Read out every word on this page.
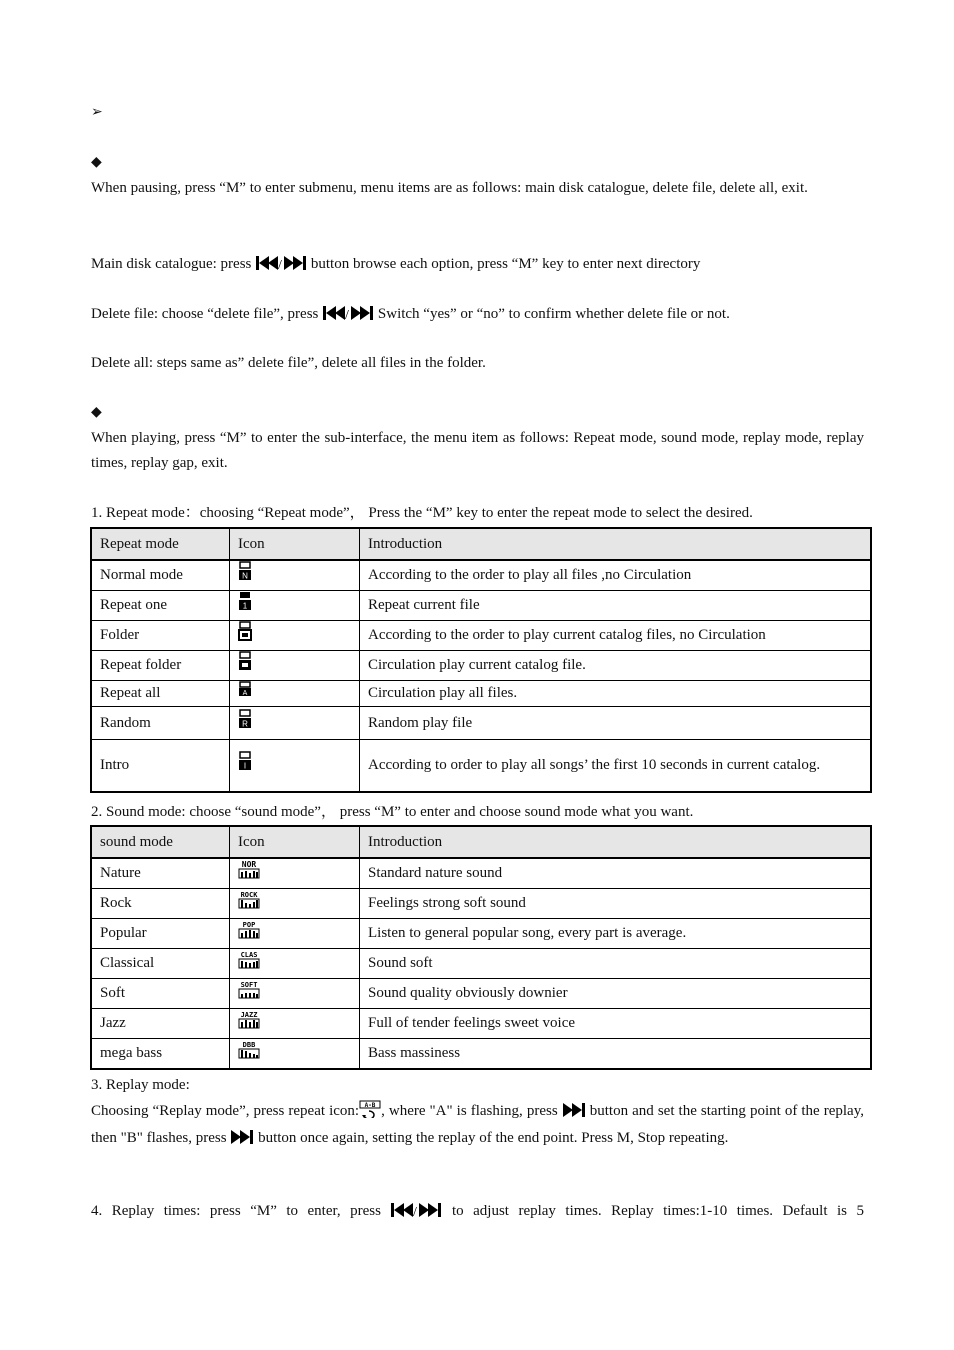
➢
◆
When pausing, press “M” to enter submenu, menu items are as follows: main disk catalogue, delete file, delete all, exit.
Main disk catalogue: press / button browse each option, press “M” key to enter next directory
Delete file: choose “delete file”, press / Switch “yes” or “no” to confirm whether delete file or not.
Delete all: steps same as” delete file”, delete all files in the folder.
◆
When playing, press “M” to enter the sub-interface, the menu item as follows: Repeat mode, sound mode, replay mode, replay times, replay gap, exit.
1. Repeat mode：choosing “Repeat mode”， Press the “M” key to enter the repeat mode to select the desired.
Repeat mode	Icon	Introduction
Normal mode	N	According to the order to play all files ,no Circulation
Repeat one	1	Repeat current file
Folder		According to the order to play current catalog files, no Circulation
Repeat folder		Circulation play current catalog file.
Repeat all	A	Circulation play all files.
Random	R	Random play file
Intro	I	According to order to play all songs’ the first 10 seconds in current catalog.
2. Sound mode: choose “sound mode”， press “M” to enter and choose sound mode what you want.
sound mode	Icon	Introduction
Nature	NOR	Standard nature sound
Rock	ROCK	Feelings strong soft sound
Popular	POP	Listen to general popular song, every part is average.
Classical	CLAS	Sound soft
Soft	SOFT	Sound quality obviously downier
Jazz	JAZZ	Full of tender feelings sweet voice
mega bass	DBB	Bass massiness
3. Replay mode:
Choosing “Replay mode”, press repeat icon: A-B , where "A" is flashing, press button and set the starting point of the replay, then "B" flashes, press button once again, setting the replay of the end point. Press M, Stop repeating.
4. Replay times: press “M” to enter, press / to adjust replay times. Replay times:1-10 times. Default is 5
